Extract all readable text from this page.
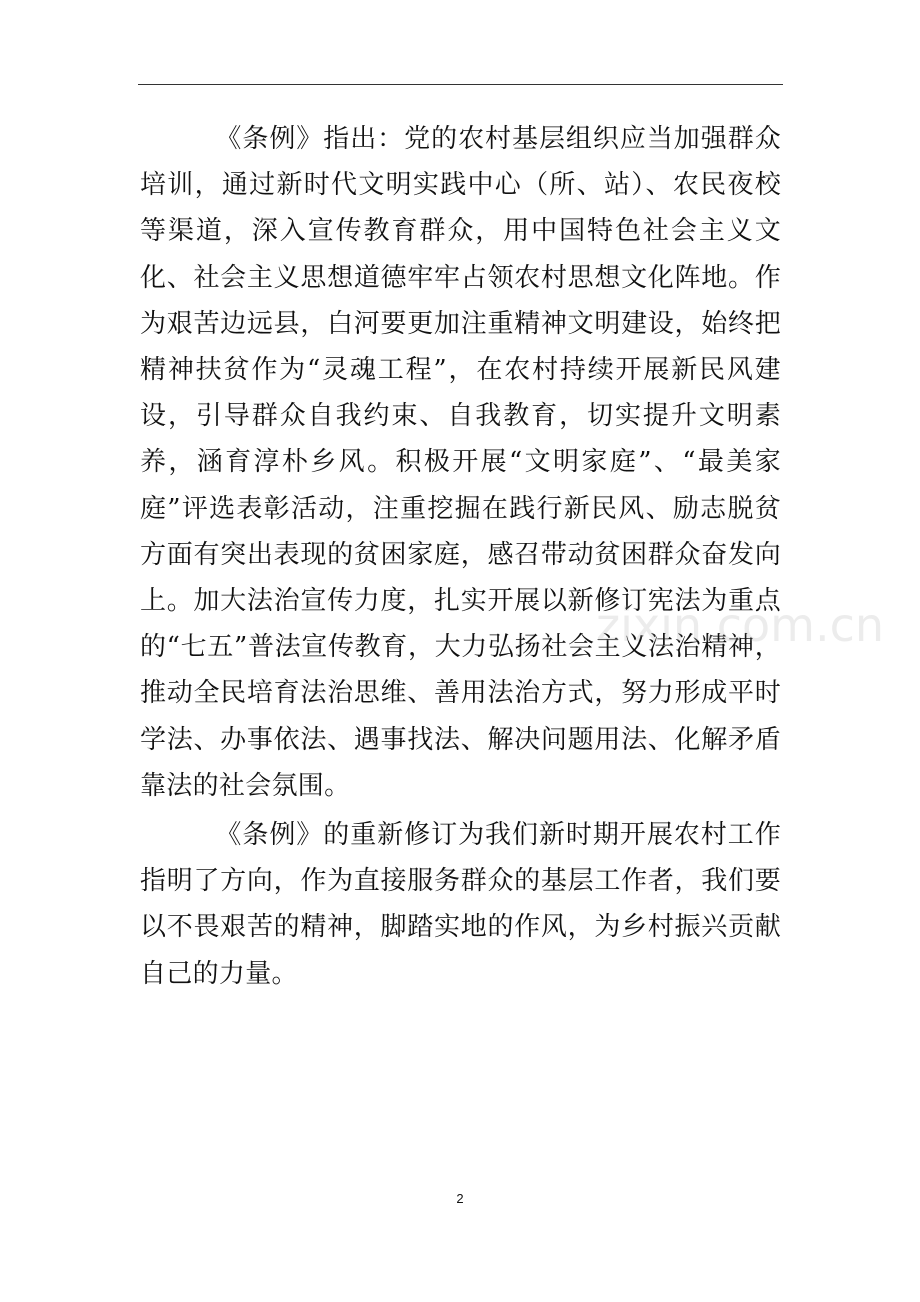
《条例》指出：党的农村基层组织应当加强群众培训，通过新时代文明实践中心（所、站）、农民夜校等渠道，深入宣传教育群众，用中国特色社会主义文化、社会主义思想道德牢牢占领农村思想文化阵地。作为艰苦边远县，白河要更加注重精神文明建设，始终把精神扶贫作为“灵魂工程”，在农村持续开展新民风建设，引导群众自我约束、自我教育，切实提升文明素养，涵育淳朴乡风。积极开展“文明家庭”、“最美家庭”评选表彰活动，注重挖掘在践行新民风、励志脱贫方面有突出表现的贫困家庭，感召带动贫困群众奋发向上。加大法治宣传力度，扎实开展以新修订宪法为重点的“七五”普法宣传教育，大力弘扬社会主义法治精神，推动全民培育法治思维、善用法治方式，努力形成平时学法、办事依法、遇事找法、解决问题用法、化解矛盾靠法的社会氛围。

《条例》的重新修订为我们新时期开展农村工作指明了方向，作为直接服务群众的基层工作者，我们要以不畏艰苦的精神，脚踏实地的作风，为乡村振兴贡献自己的力量。

zixin.com.cn
2
